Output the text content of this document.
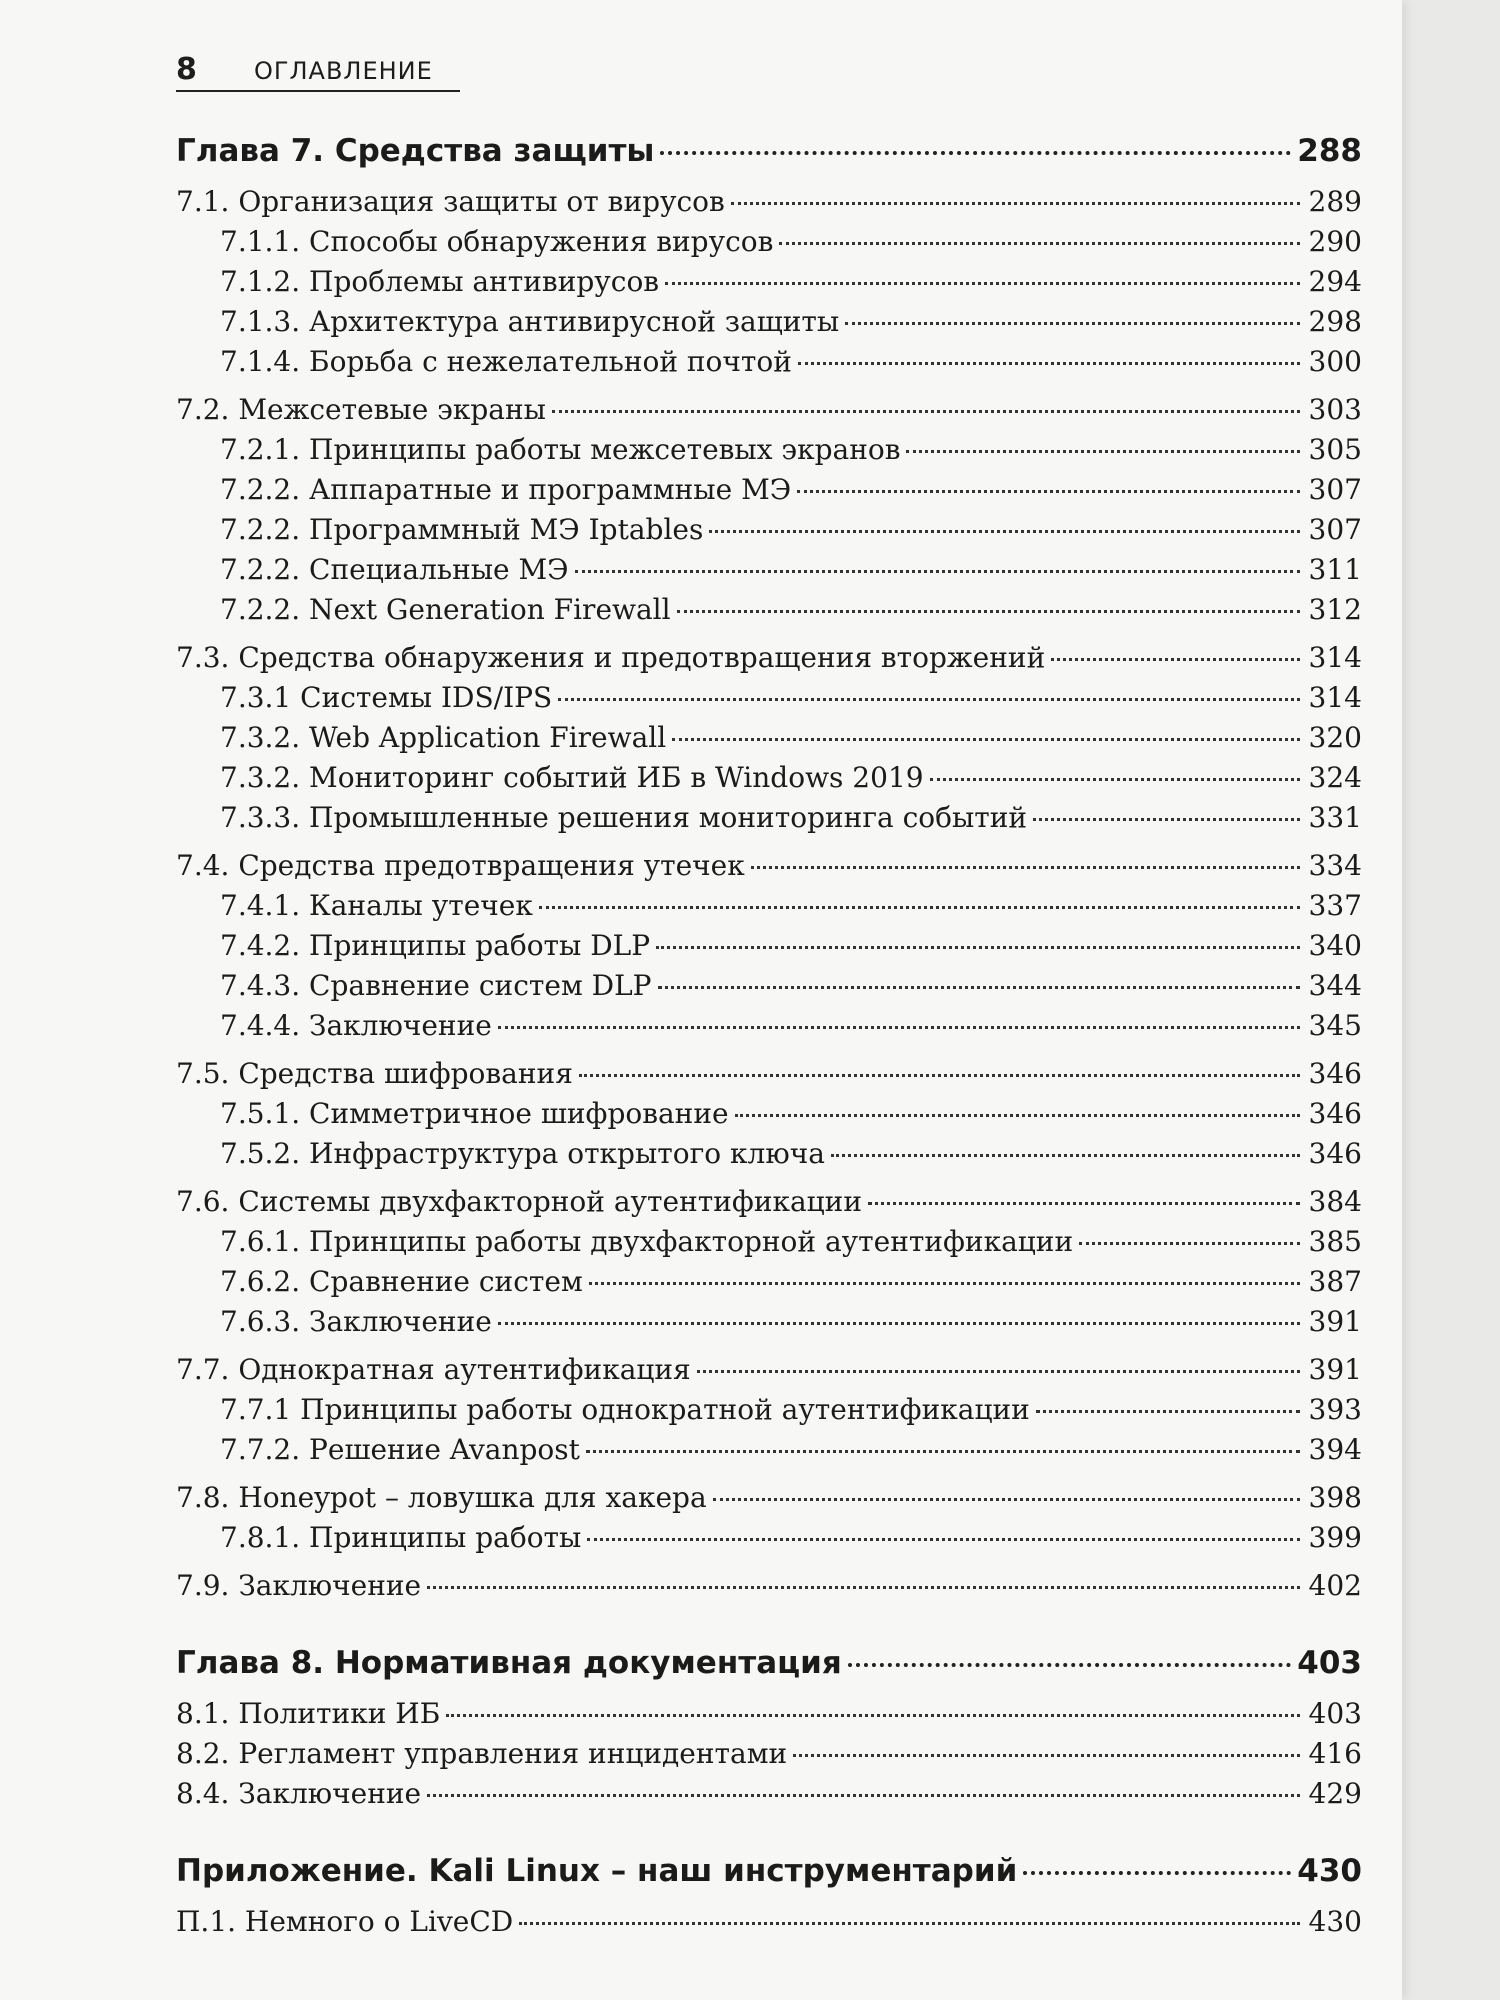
8 ОГЛАВЛЕНИЕ
Глава 7. Средства защиты	288
7.1. Организация защиты от вирусов	289
7.1.1. Способы обнаружения вирусов	290
7.1.2. Проблемы антивирусов	294
7.1.3. Архитектура антивирусной защиты	298
7.1.4. Борьба с нежелательной почтой	300
7.2. Межсетевые экраны	303
7.2.1. Принципы работы межсетевых экранов	305
7.2.2. Аппаратные и программные МЭ	307
7.2.2. Программный МЭ Iptables	307
7.2.2. Специальные МЭ	311
7.2.2. Next Generation Firewall	312
7.3. Средства обнаружения и предотвращения вторжений	314
7.3.1 Системы IDS/IPS	314
7.3.2. Web Application Firewall	320
7.3.2. Мониторинг событий ИБ в Windows 2019	324
7.3.3. Промышленные решения мониторинга событий	331
7.4. Средства предотвращения утечек	334
7.4.1. Каналы утечек	337
7.4.2. Принципы работы DLP	340
7.4.3. Сравнение систем DLP	344
7.4.4. Заключение	345
7.5. Средства шифрования	346
7.5.1. Симметричное шифрование	346
7.5.2. Инфраструктура открытого ключа	346
7.6. Системы двухфакторной аутентификации	384
7.6.1. Принципы работы двухфакторной аутентификации	385
7.6.2. Сравнение систем	387
7.6.3. Заключение	391
7.7. Однократная аутентификация	391
7.7.1 Принципы работы однократной аутентификации	393
7.7.2. Решение Avanpost	394
7.8. Honeypot – ловушка для хакера	398
7.8.1. Принципы работы	399
7.9. Заключение	402
Глава 8. Нормативная документация	403
8.1. Политики ИБ	403
8.2. Регламент управления инцидентами	416
8.4. Заключение	429
Приложение. Kali Linux – наш инструментарий	430
П.1. Немного о LiveCD	430
